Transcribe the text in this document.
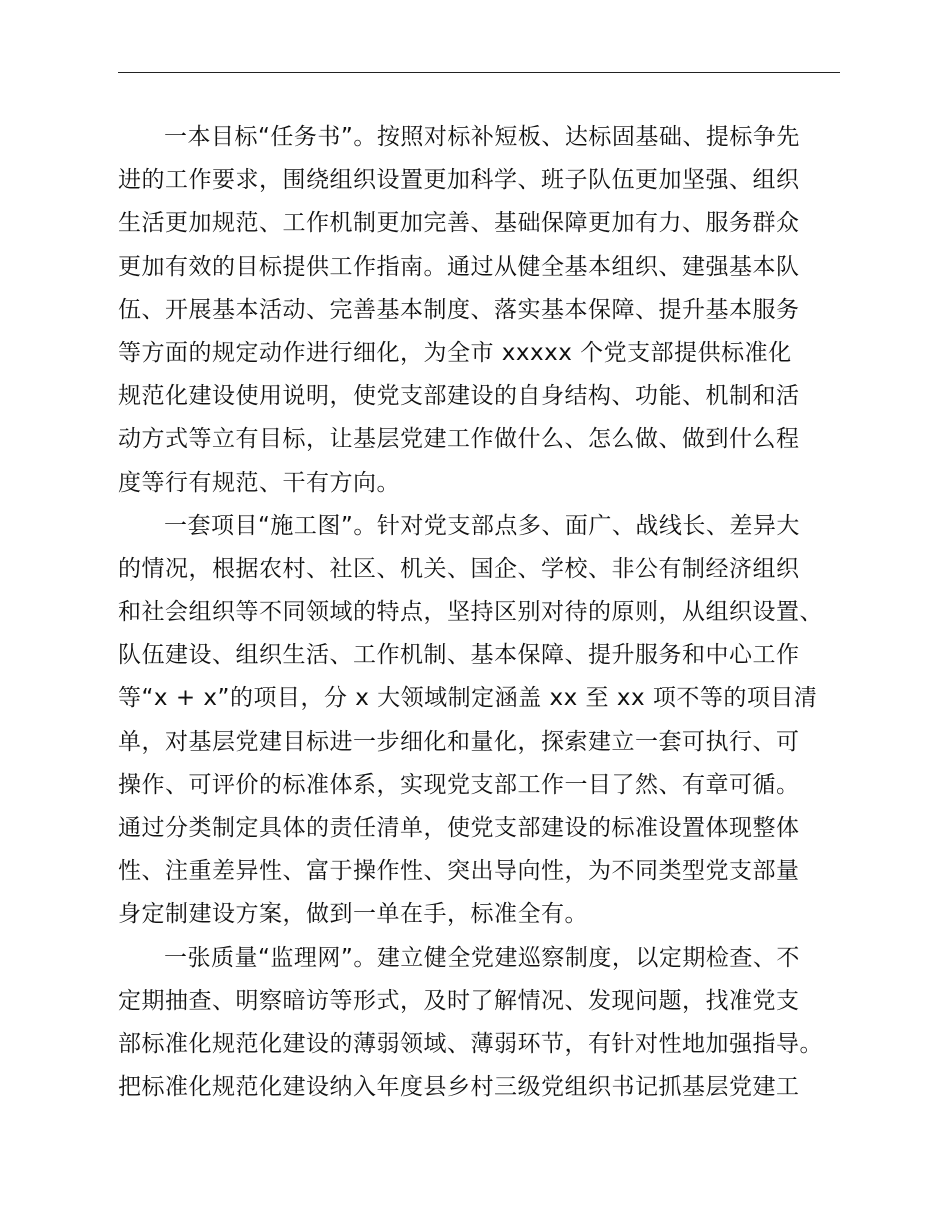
一本目标“任务书”。按照对标补短板、达标固基础、提标争先
进的工作要求，围绕组织设置更加科学、班子队伍更加坚强、组织
生活更加规范、工作机制更加完善、基础保障更加有力、服务群众
更加有效的目标提供工作指南。通过从健全基本组织、建强基本队
伍、开展基本活动、完善基本制度、落实基本保障、提升基本服务
等方面的规定动作进行细化，为全市 xxxxx 个党支部提供标准化
规范化建设使用说明，使党支部建设的自身结构、功能、机制和活
动方式等立有目标，让基层党建工作做什么、怎么做、做到什么程
度等行有规范、干有方向。
一套项目“施工图”。针对党支部点多、面广、战线长、差异大
的情况，根据农村、社区、机关、国企、学校、非公有制经济组织
和社会组织等不同领域的特点，坚持区别对待的原则，从组织设置、
队伍建设、组织生活、工作机制、基本保障、提升服务和中心工作
等“x + x”的项目，分 x 大领域制定涵盖 xx 至 xx 项不等的项目清
单，对基层党建目标进一步细化和量化，探索建立一套可执行、可
操作、可评价的标准体系，实现党支部工作一目了然、有章可循。
通过分类制定具体的责任清单，使党支部建设的标准设置体现整体
性、注重差异性、富于操作性、突出导向性，为不同类型党支部量
身定制建设方案，做到一单在手，标准全有。
一张质量“监理网”。建立健全党建巡察制度，以定期检查、不
定期抽查、明察暗访等形式，及时了解情况、发现问题，找准党支
部标准化规范化建设的薄弱领域、薄弱环节，有针对性地加强指导。
把标准化规范化建设纳入年度县乡村三级党组织书记抓基层党建工
